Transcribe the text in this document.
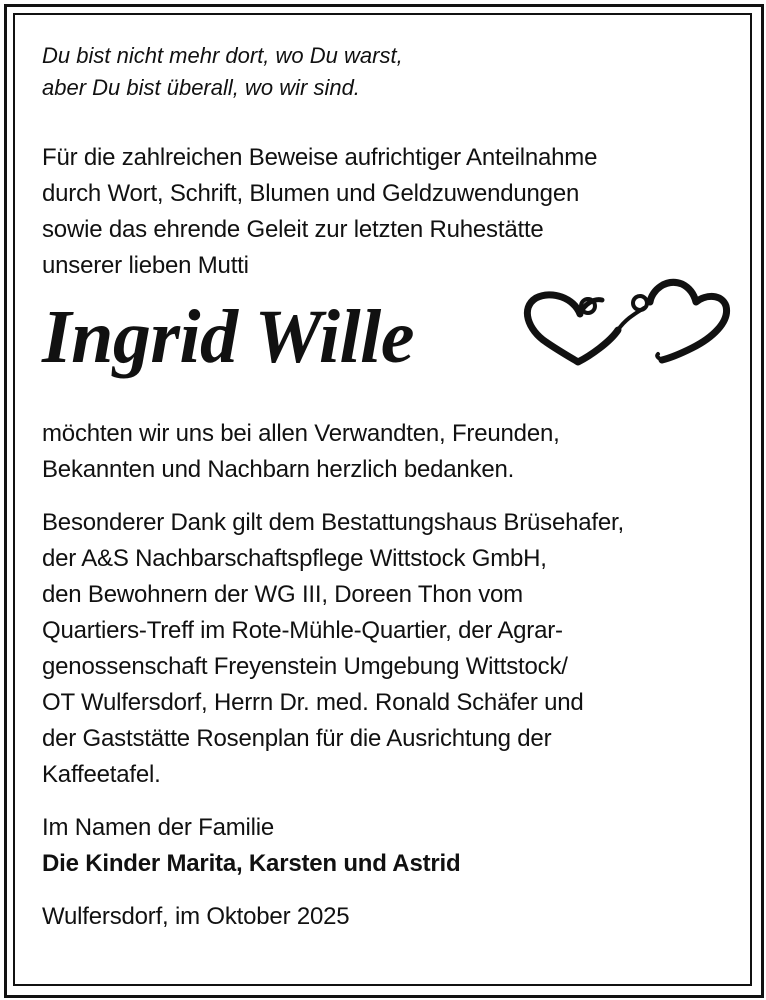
Du bist nicht mehr dort, wo Du warst,
aber Du bist überall, wo wir sind.

Für die zahlreichen Beweise aufrichtiger Anteilnahme
durch Wort, Schrift, Blumen und Geldzuwendungen
sowie das ehrende Geleit zur letzten Ruhestätte
unserer lieben Mutti

Ingrid Wille

möchten wir uns bei allen Verwandten, Freunden,
Bekannten und Nachbarn herzlich bedanken.

Besonderer Dank gilt dem Bestattungshaus Brüsehafer,
der A&S Nachbarschaftspflege Wittstock GmbH,
den Bewohnern der WG III, Doreen Thon vom
Quartiers-Treff im Rote-Mühle-Quartier, der Agrar-
genossenschaft Freyenstein Umgebung Wittstock/
OT Wulfersdorf, Herrn Dr. med. Ronald Schäfer und
der Gaststätte Rosenplan für die Ausrichtung der
Kaffeetafel.

Im Namen der Familie
Die Kinder Marita, Karsten und Astrid

Wulfersdorf, im Oktober 2025
